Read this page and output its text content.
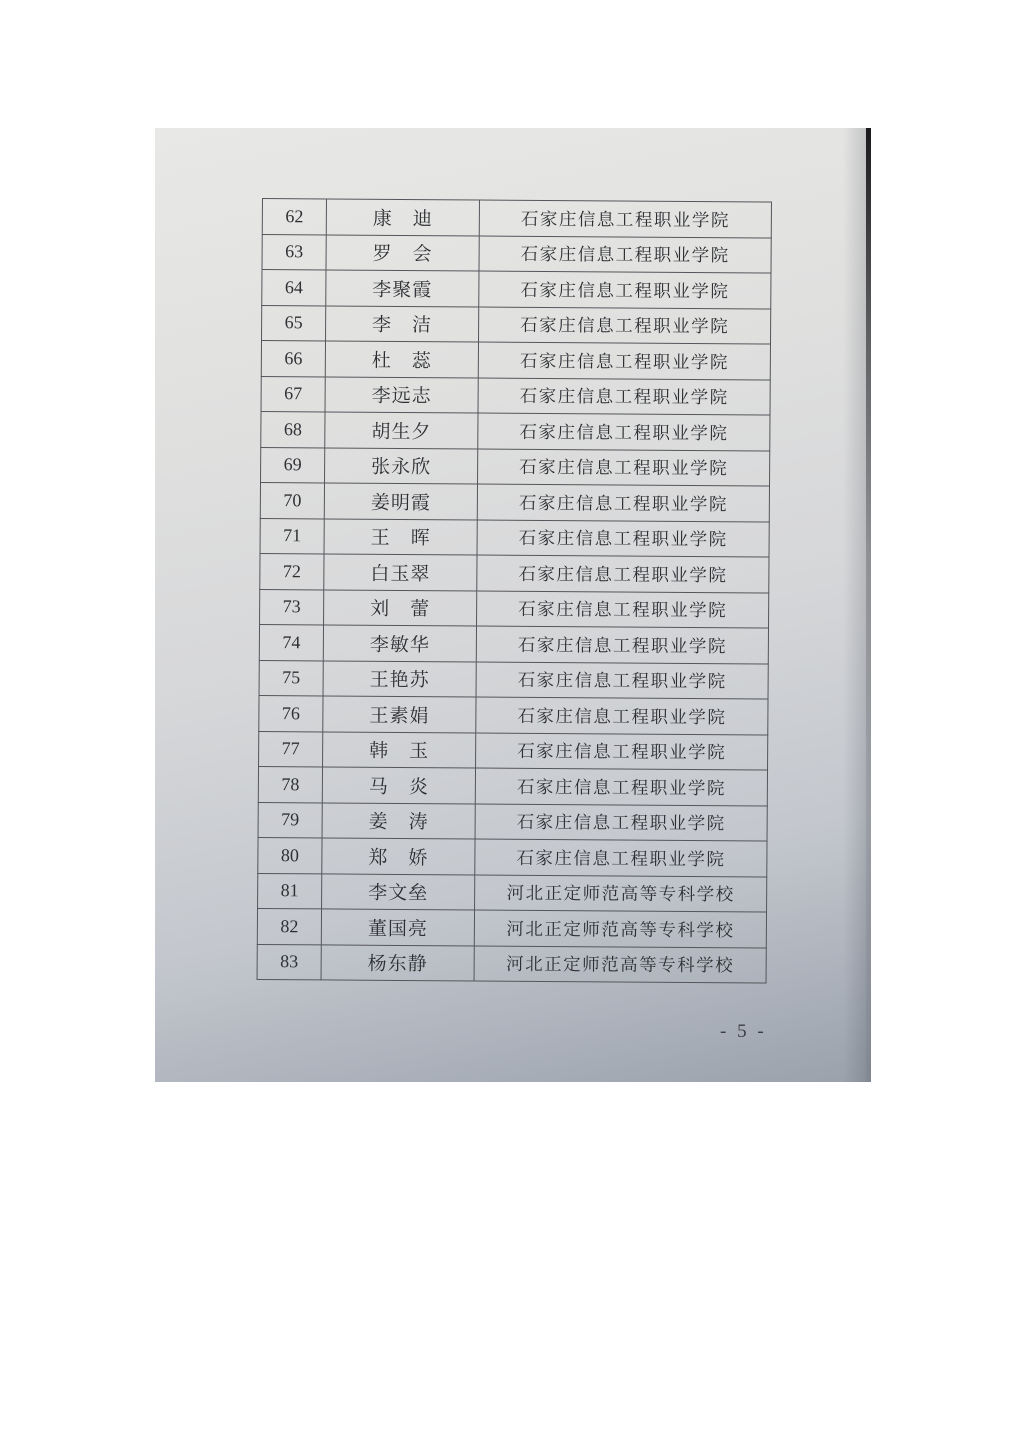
62	康　迪	石家庄信息工程职业学院
63	罗　会	石家庄信息工程职业学院
64	李聚霞	石家庄信息工程职业学院
65	李　洁	石家庄信息工程职业学院
66	杜　蕊	石家庄信息工程职业学院
67	李远志	石家庄信息工程职业学院
68	胡生夕	石家庄信息工程职业学院
69	张永欣	石家庄信息工程职业学院
70	姜明霞	石家庄信息工程职业学院
71	王　晖	石家庄信息工程职业学院
72	白玉翠	石家庄信息工程职业学院
73	刘　蕾	石家庄信息工程职业学院
74	李敏华	石家庄信息工程职业学院
75	王艳苏	石家庄信息工程职业学院
76	王素娟	石家庄信息工程职业学院
77	韩　玉	石家庄信息工程职业学院
78	马　炎	石家庄信息工程职业学院
79	姜　涛	石家庄信息工程职业学院
80	郑　娇	石家庄信息工程职业学院
81	李文垒	河北正定师范高等专科学校
82	董国亮	河北正定师范高等专科学校
83	杨东静	河北正定师范高等专科学校
- 5 -
